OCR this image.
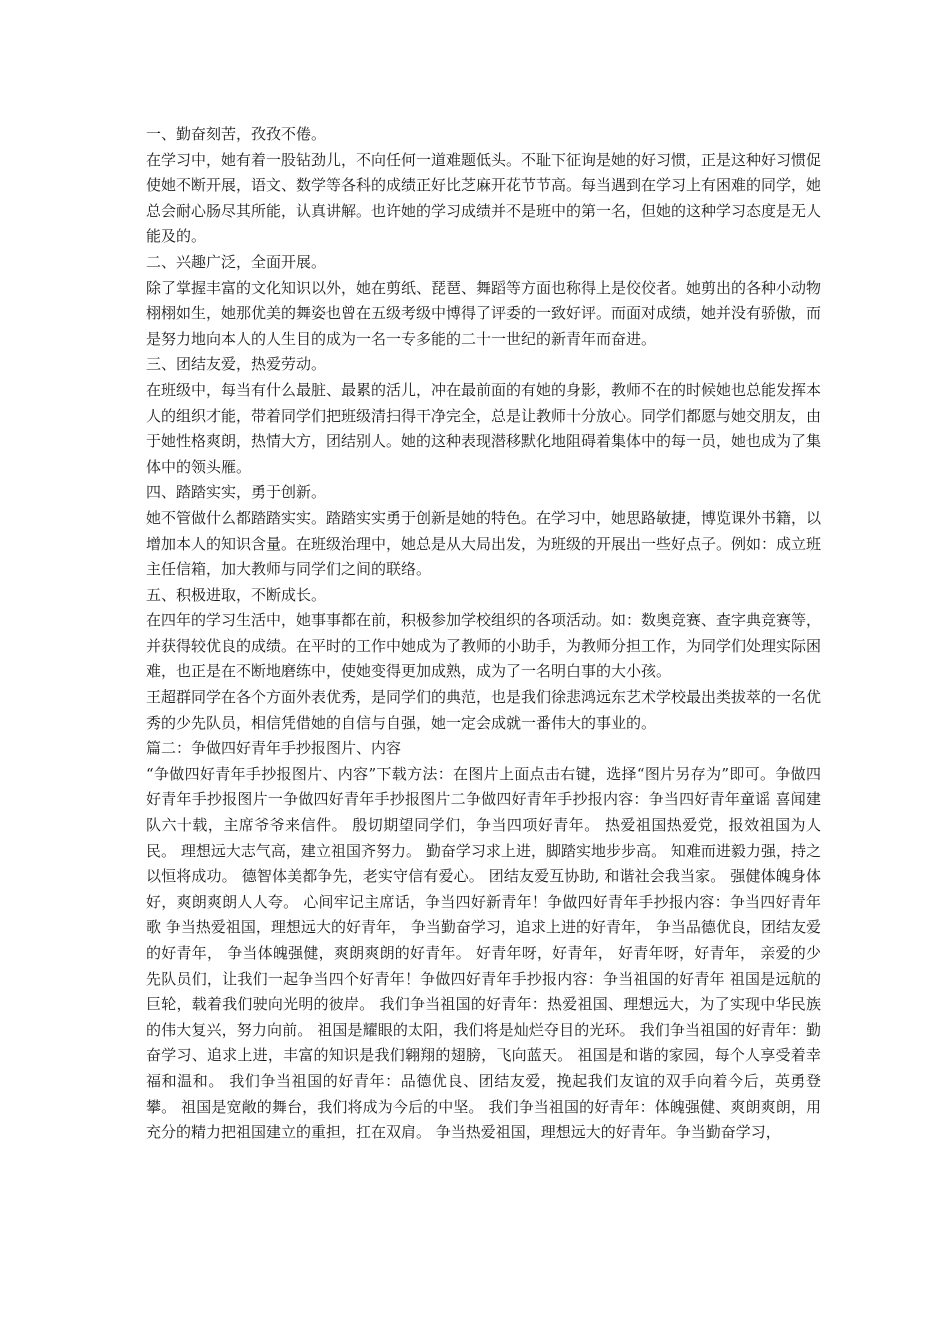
一、勤奋刻苦，孜孜不倦。

在学习中，她有着一股钻劲儿，不向任何一道难题低头。不耻下征询是她的好习惯，正是这种好习惯促使她不断开展，语文、数学等各科的成绩正好比芝麻开花节节高。每当遇到在学习上有困难的同学，她总会耐心肠尽其所能，认真讲解。也许她的学习成绩并不是班中的第一名，但她的这种学习态度是无人能及的。

二、兴趣广泛，全面开展。

除了掌握丰富的文化知识以外，她在剪纸、琵琶、舞蹈等方面也称得上是佼佼者。她剪出的各种小动物栩栩如生，她那优美的舞姿也曾在五级考级中博得了评委的一致好评。而面对成绩，她并没有骄傲，而是努力地向本人的人生目的成为一名一专多能的二十一世纪的新青年而奋进。

三、团结友爱，热爱劳动。

在班级中，每当有什么最脏、最累的活儿，冲在最前面的有她的身影，教师不在的时候她也总能发挥本人的组织才能，带着同学们把班级清扫得干净完全，总是让教师十分放心。同学们都愿与她交朋友，由于她性格爽朗，热情大方，团结别人。她的这种表现潜移默化地阻碍着集体中的每一员，她也成为了集体中的领头雁。

四、踏踏实实，勇于创新。

她不管做什么都踏踏实实。踏踏实实勇于创新是她的特色。在学习中，她思路敏捷，博览课外书籍，以增加本人的知识含量。在班级治理中，她总是从大局出发，为班级的开展出一些好点子。例如：成立班主任信箱，加大教师与同学们之间的联络。

五、积极进取，不断成长。

在四年的学习生活中，她事事都在前，积极参加学校组织的各项活动。如：数奥竞赛、查字典竞赛等，并获得较优良的成绩。在平时的工作中她成为了教师的小助手，为教师分担工作，为同学们处理实际困难，也正是在不断地磨练中，使她变得更加成熟，成为了一名明白事的大小孩。

王超群同学在各个方面外表优秀，是同学们的典范，也是我们徐悲鸿远东艺术学校最出类拔萃的一名优秀的少先队员，相信凭借她的自信与自强，她一定会成就一番伟大的事业的。

篇二：争做四好青年手抄报图片、内容

“争做四好青年手抄报图片、内容”下载方法：在图片上面点击右键，选择“图片另存为”即可。争做四好青年手抄报图片一争做四好青年手抄报图片二争做四好青年手抄报内容：争当四好青年童谣 喜闻建队六十载，主席爷爷来信件。 殷切期望同学们，争当四项好青年。 热爱祖国热爱党，报效祖国为人民。 理想远大志气高，建立祖国齐努力。 勤奋学习求上进，脚踏实地步步高。 知难而进毅力强，持之以恒将成功。 德智体美都争先，老实守信有爱心。 团结友爱互协助, 和谐社会我当家。 强健体魄身体好，爽朗爽朗人人夸。 心间牢记主席话，争当四好新青年！争做四好青年手抄报内容：争当四好青年歌 争当热爱祖国，理想远大的好青年， 争当勤奋学习，追求上进的好青年， 争当品德优良，团结友爱的好青年， 争当体魄强健，爽朗爽朗的好青年。 好青年呀，好青年， 好青年呀，好青年， 亲爱的少先队员们，让我们一起争当四个好青年！争做四好青年手抄报内容：争当祖国的好青年 祖国是远航的巨轮，载着我们驶向光明的彼岸。 我们争当祖国的好青年：热爱祖国、理想远大，为了实现中华民族的伟大复兴，努力向前。 祖国是耀眼的太阳，我们将是灿烂夺目的光环。 我们争当祖国的好青年：勤奋学习、追求上进，丰富的知识是我们翱翔的翅膀，飞向蓝天。 祖国是和谐的家园，每个人享受着幸福和温和。 我们争当祖国的好青年：品德优良、团结友爱，挽起我们友谊的双手向着今后，英勇登攀。 祖国是宽敞的舞台，我们将成为今后的中坚。 我们争当祖国的好青年：体魄强健、爽朗爽朗，用充分的精力把祖国建立的重担，扛在双肩。 争当热爱祖国，理想远大的好青年。争当勤奋学习，
